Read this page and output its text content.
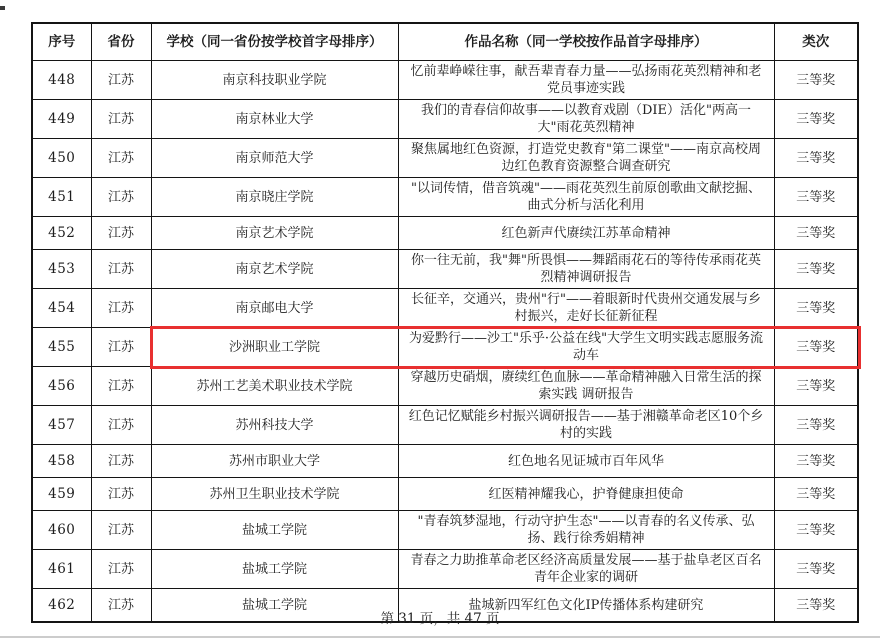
序号	省份	学校（同一省份按学校首字母排序）	作品名称（同一学校按作品首字母排序）	类次
448	江苏	南京科技职业学院	忆前辈峥嵘往事，献吾辈青春力量——弘扬雨花英烈精神和老党员事迹实践	三等奖
449	江苏	南京林业大学	我们的青春信仰故事——以教育戏剧（DIE）活化"两高一大"雨花英烈精神	三等奖
450	江苏	南京师范大学	聚焦属地红色资源，打造党史教育"第二课堂"——南京高校周边红色教育资源整合调查研究	三等奖
451	江苏	南京晓庄学院	"以词传情，借音筑魂"——雨花英烈生前原创歌曲文献挖掘、曲式分析与活化利用	三等奖
452	江苏	南京艺术学院	红色新声代赓续江苏革命精神	三等奖
453	江苏	南京艺术学院	你一往无前，我"舞"所畏惧——舞蹈雨花石的等待传承雨花英烈精神调研报告	三等奖
454	江苏	南京邮电大学	长征辛，交通兴，贵州"行"——着眼新时代贵州交通发展与乡村振兴，走好长征新征程	三等奖
455	江苏	沙洲职业工学院	为爱黔行——沙工"乐乎·公益在线"大学生文明实践志愿服务流动车	三等奖
456	江苏	苏州工艺美术职业技术学院	穿越历史硝烟，赓续红色血脉——革命精神融入日常生活的探索实践 调研报告	三等奖
457	江苏	苏州科技大学	红色记忆赋能乡村振兴调研报告——基于湘赣革命老区10个乡村的实践	三等奖
458	江苏	苏州市职业大学	红色地名见证城市百年风华	三等奖
459	江苏	苏州卫生职业技术学院	红医精神耀我心，护脊健康担使命	三等奖
460	江苏	盐城工学院	"青春筑梦湿地，行动守护生态"——以青春的名义传承、弘扬、践行徐秀娟精神	三等奖
461	江苏	盐城工学院	青春之力助推革命老区经济高质量发展——基于盐阜老区百名青年企业家的调研	三等奖
462	江苏	盐城工学院	盐城新四军红色文化IP传播体系构建研究	三等奖
第 31 页，共 47 页
